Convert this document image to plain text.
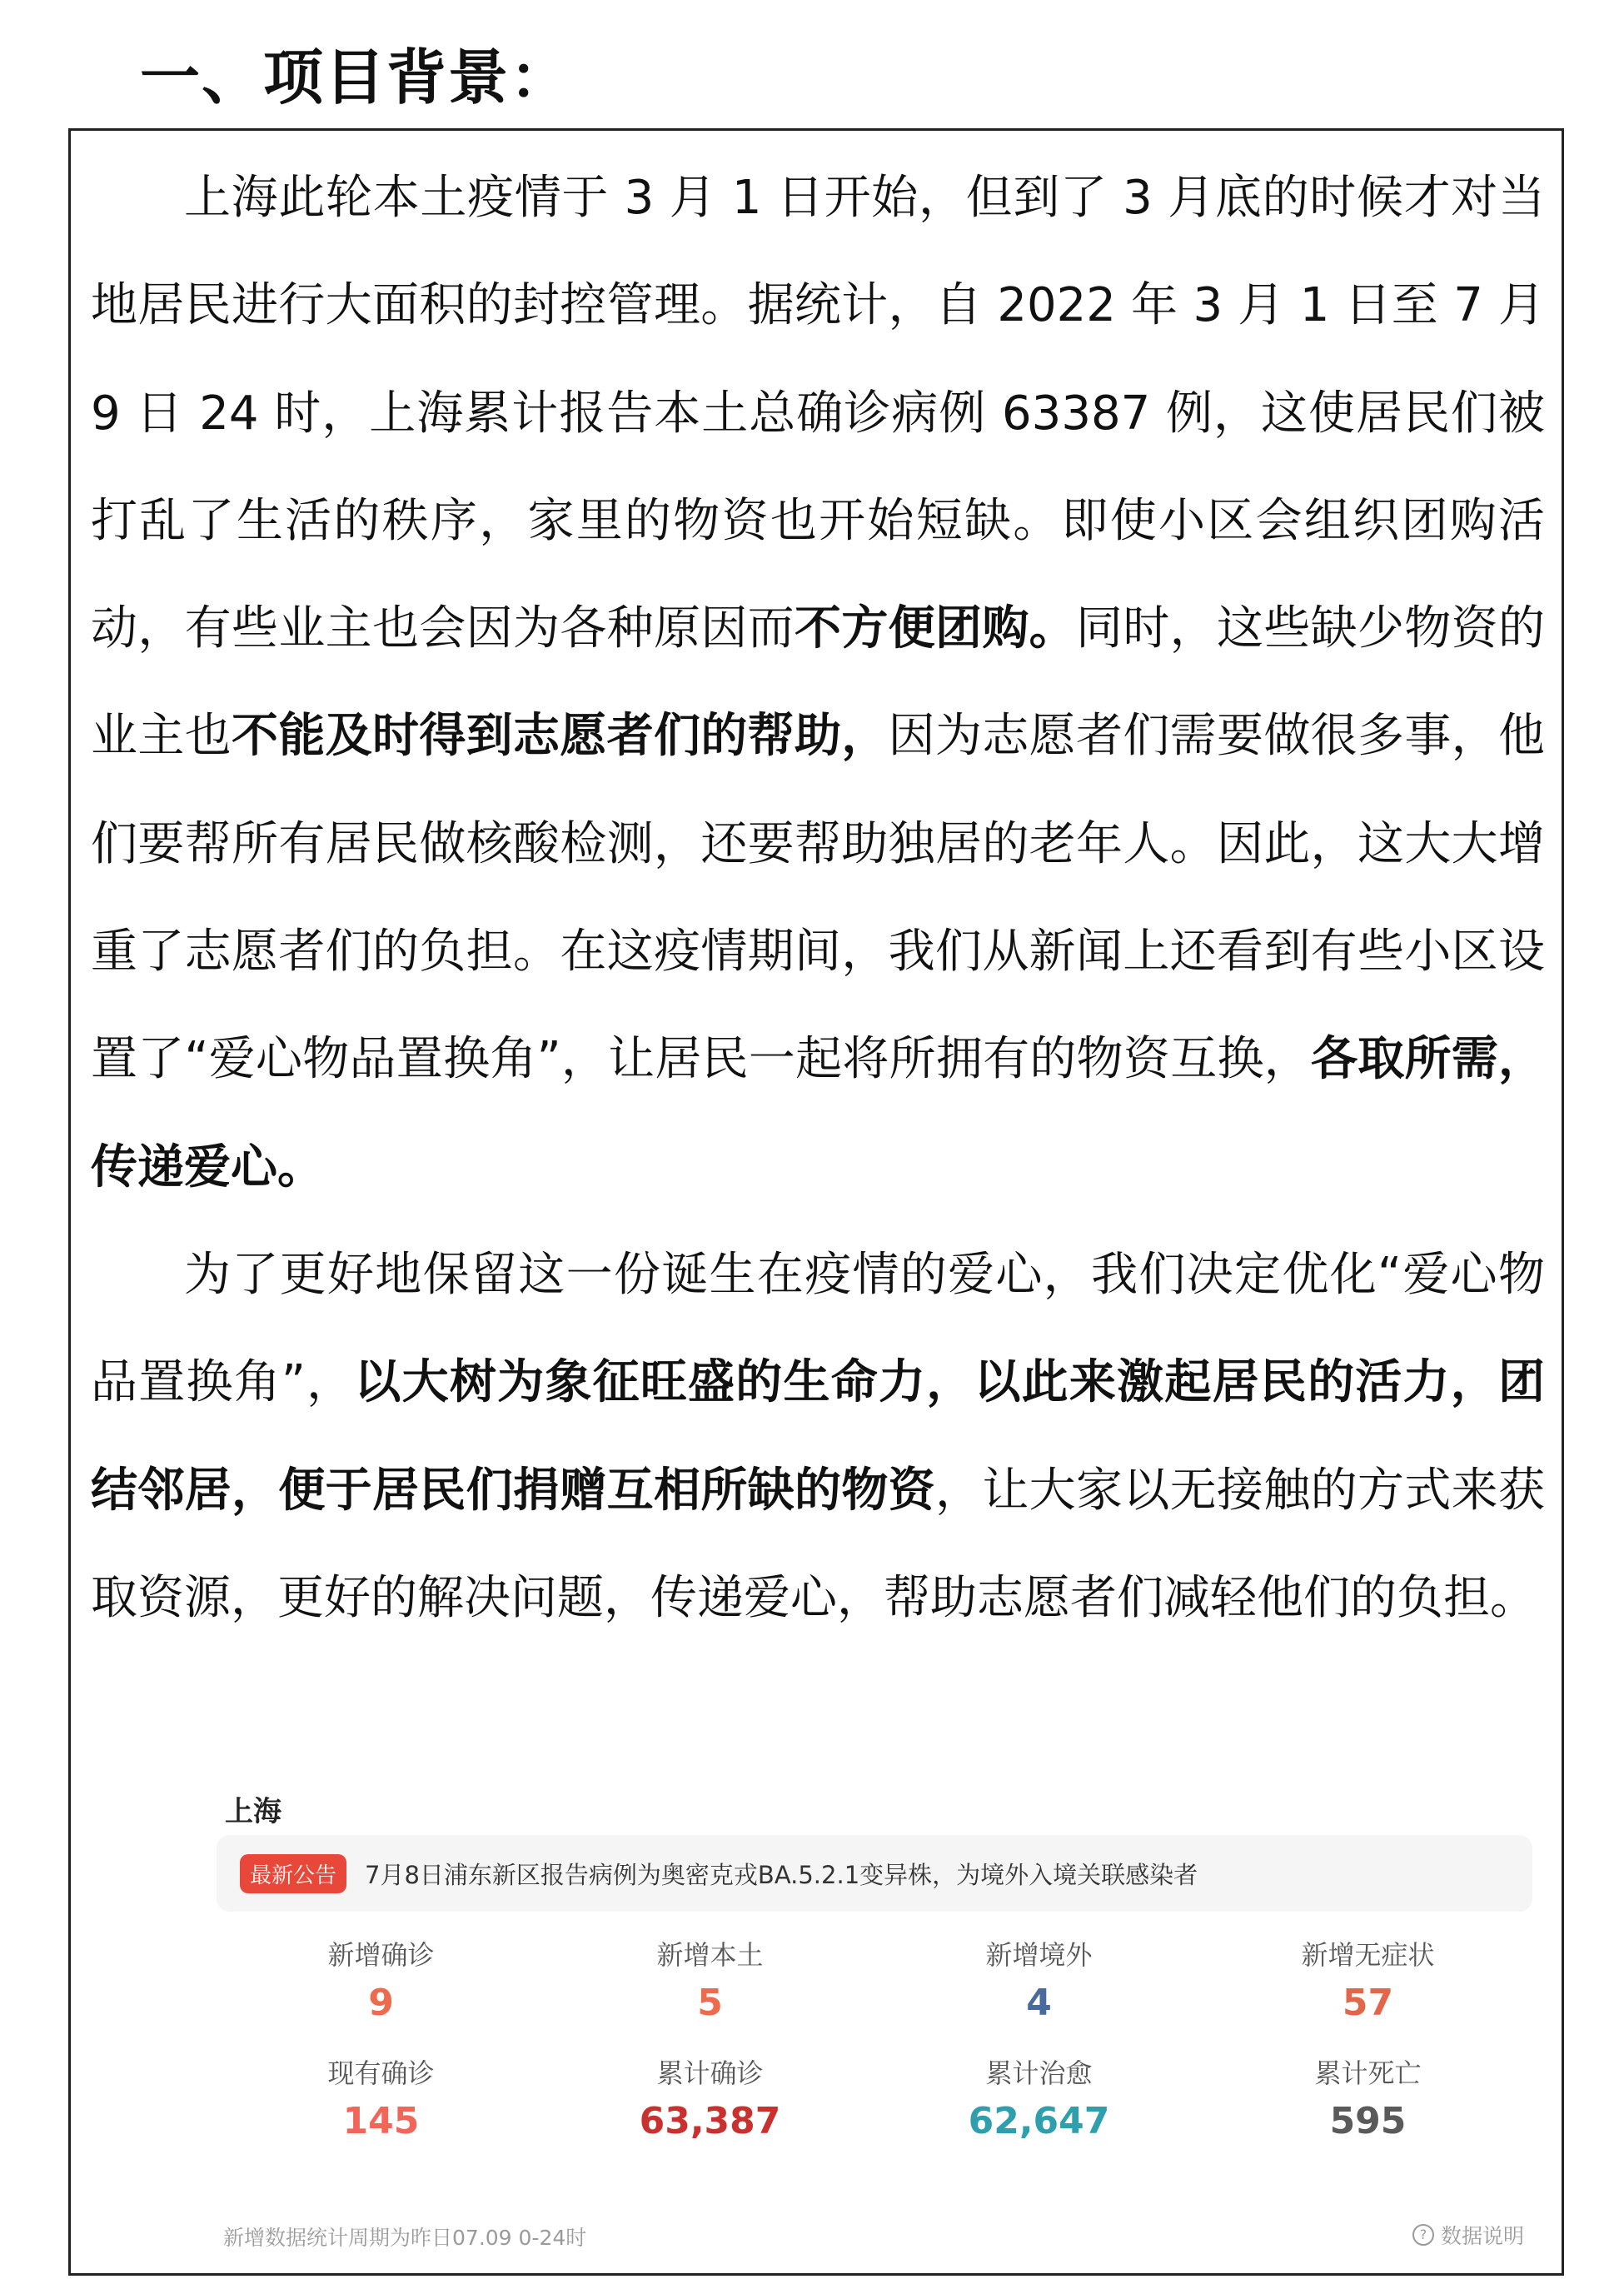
一、项目背景：

上海此轮本土疫情于 3 月 1 日开始，但到了 3 月底的时候才对当地居民进行大面积的封控管理。据统计，自 2022 年 3 月 1 日至 7 月 9 日 24 时，上海累计报告本土总确诊病例 63387 例，这使居民们被打乱了生活的秩序，家里的物资也开始短缺。即使小区会组织团购活动，有些业主也会因为各种原因而不方便团购。同时，这些缺少物资的业主也不能及时得到志愿者们的帮助，因为志愿者们需要做很多事，他们要帮所有居民做核酸检测，还要帮助独居的老年人。因此，这大大增重了志愿者们的负担。在这疫情期间，我们从新闻上还看到有些小区设置了“爱心物品置换角”，让居民一起将所拥有的物资互换，各取所需，传递爱心。

为了更好地保留这一份诞生在疫情的爱心，我们决定优化“爱心物品置换角”，以大树为象征旺盛的生命力，以此来激起居民的活力，团结邻居，便于居民们捐赠互相所缺的物资，让大家以无接触的方式来获取资源，更好的解决问题，传递爱心，帮助志愿者们减轻他们的负担。

上海
最新公告	7月8日浦东新区报告病例为奥密克戎BA.5.2.1变异株，为境外入境关联感染者
新增确诊
9
新增本土
5
新增境外
4
新增无症状
57
现有确诊
145
累计确诊
63,387
累计治愈
62,647
累计死亡
595
新增数据统计周期为昨日07.09 0-24时	? 数据说明
